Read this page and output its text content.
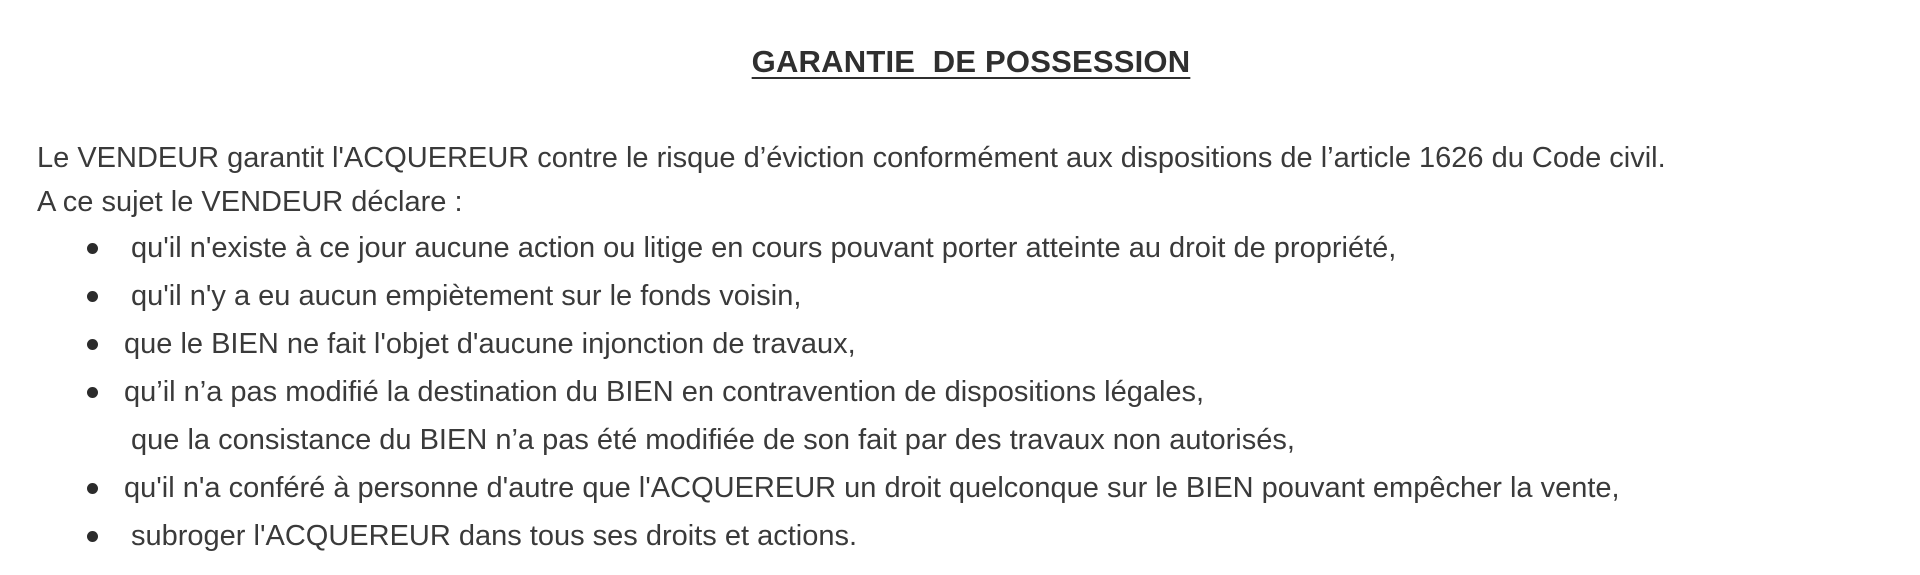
GARANTIE  DE POSSESSION
Le VENDEUR garantit l'ACQUEREUR contre le risque d’éviction conformément aux dispositions de l’article 1626 du Code civil.
A ce sujet le VENDEUR déclare :
qu'il n'existe à ce jour aucune action ou litige en cours pouvant porter atteinte au droit de propriété,
qu'il n'y a eu aucun empiètement sur le fonds voisin,
que le BIEN ne fait l'objet d'aucune injonction de travaux,
qu’il n’a pas modifié la destination du BIEN en contravention de dispositions légales,
que la consistance du BIEN n’a pas été modifiée de son fait par des travaux non autorisés,
qu'il n'a conféré à personne d'autre que l'ACQUEREUR un droit quelconque sur le BIEN pouvant empêcher la vente,
subroger l'ACQUEREUR dans tous ses droits et actions.
